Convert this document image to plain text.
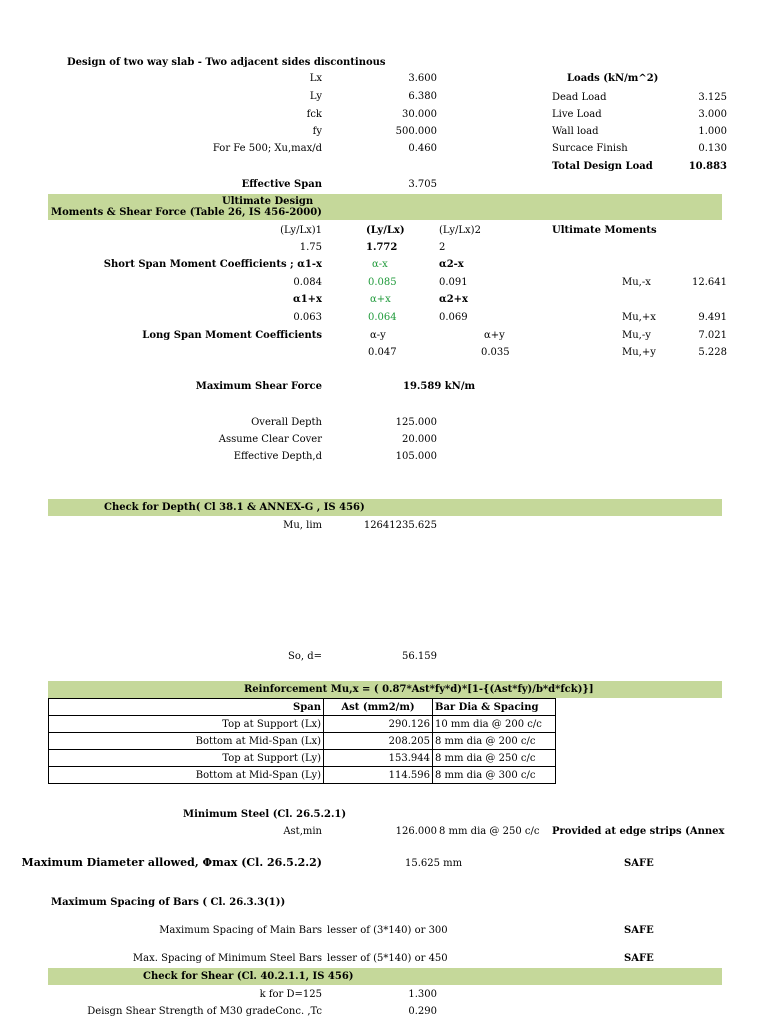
Design of two way slab - Two adjacent sides discontinous
Lx	3.600
Ly	6.380
fck	30.000
fy	500.000
For Fe 500; Xu,max/d	0.460
Loads (kN/m^2)
Dead Load	3.125
Live Load	3.000
Wall load	1.000
Surcace Finish	0.130
Total Design Load	10.883
Effective Span	3.705
Ultimate Design
Moments & Shear Force (Table 26, IS 456-2000)
(Ly/Lx)1	(Ly/Lx)	(Ly/Lx)2	Ultimate Moments
1.75	1.772	2
Short Span Moment Coefficients ; α1-x	α-x	α2-x
0.084	0.085	0.091	Mu,-x	12.641
α1+x	α+x	α2+x
0.063	0.064	0.069	Mu,+x	9.491
Long Span Moment Coefficients	α-y	α+y	Mu,-y	7.021
0.047	0.035	Mu,+y	5.228
Maximum Shear Force	19.589 kN/m
Overall Depth	125.000
Assume Clear Cover	20.000
Effective Depth,d	105.000
Check for Depth( Cl 38.1 & ANNEX-G , IS 456)
Mu, lim	12641235.625
So, d=	56.159
Reinforcement Mu,x = ( 0.87*Ast*fy*d)*[1-{(Ast*fy)/b*d*fck)}]
Span	Ast (mm2/m)	Bar Dia & Spacing
Top at Support (Lx)	290.126	10 mm dia @ 200 c/c
Bottom at Mid-Span (Lx)	208.205	8 mm dia @ 200 c/c
Top at Support (Ly)	153.944	8 mm dia @ 250 c/c
Bottom at Mid-Span (Ly)	114.596	8 mm dia @ 300 c/c
Minimum Steel (Cl. 26.5.2.1)
Ast,min	126.000 8 mm dia @ 250 c/c Provided at edge strips (Annex
Maximum Diameter allowed, Φmax (Cl. 26.5.2.2)	15.625 mm	SAFE
Maximum Spacing of Bars ( Cl. 26.3.3(1))
Maximum Spacing of Main Bars lesser of (3*140) or 300	SAFE
Max. Spacing of Minimum Steel Bars lesser of (5*140) or 450	SAFE
Check for Shear (Cl. 40.2.1.1, IS 456)
k for D=125	1.300
Deisgn Shear Strength of M30 gradeConc. ,Tc	0.290
